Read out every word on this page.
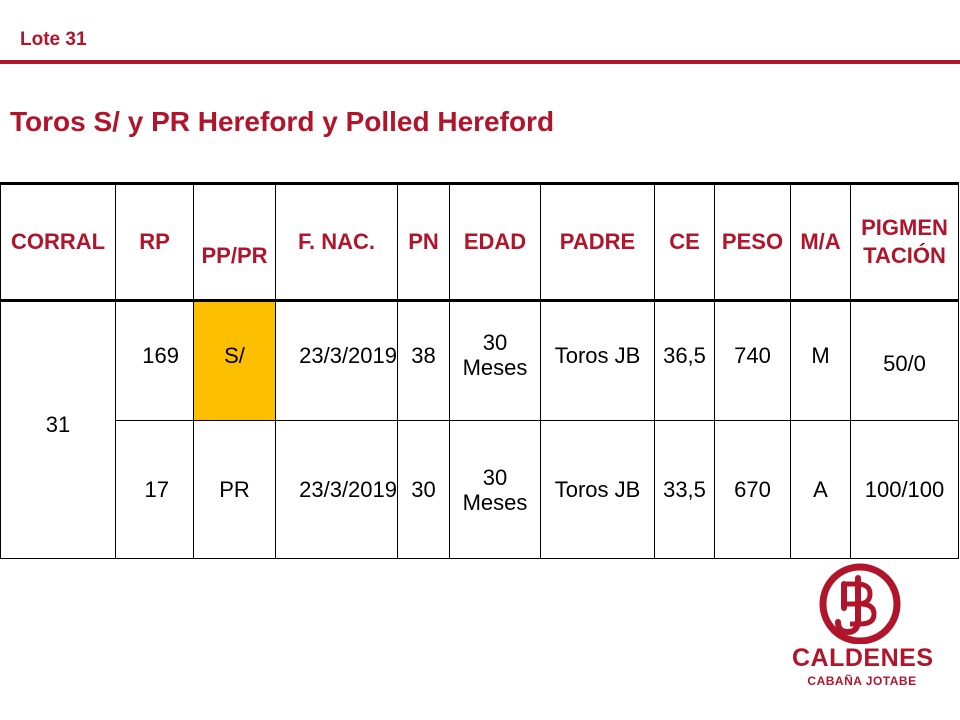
Lote 31
Toros S/ y PR Hereford y Polled Hereford
CORRAL	RP	PP/PR	F. NAC.	PN	EDAD	PADRE	CE	PESO	M/A	PIGMEN TACIÓN
31	169	S/	23/3/2019	38	30 Meses	Toros JB	36,5	740	M	50/0
	17	PR	23/3/2019	30	30 Meses	Toros JB	33,5	670	A	100/100
CALDENES
CABAÑA JOTABE
